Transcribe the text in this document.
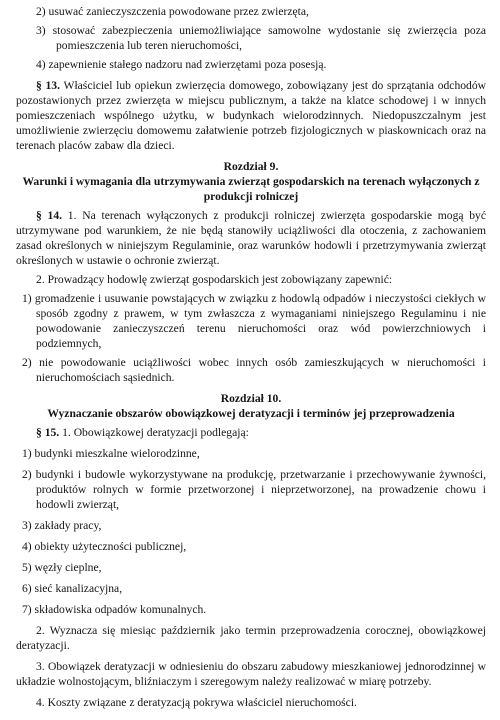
2) usuwać zanieczyszczenia powodowane przez zwierzęta,

3) stosować zabezpieczenia uniemożliwiające samowolne wydostanie się zwierzęcia poza pomieszczenia lub teren nieruchomości,

4) zapewnienie stałego nadzoru nad zwierzętami poza posesją.

§ 13. Właściciel lub opiekun zwierzęcia domowego, zobowiązany jest do sprzątania odchodów pozostawionych przez zwierzęta w miejscu publicznym, a także na klatce schodowej i w innych pomieszczeniach wspólnego użytku, w budynkach wielorodzinnych. Niedopuszczalnym jest umożliwienie zwierzęciu domowemu załatwienie potrzeb fizjologicznych w piaskownicach oraz na terenach placów zabaw dla dzieci.

Rozdział 9.

Warunki i wymagania dla utrzymywania zwierząt gospodarskich na terenach wyłączonych z produkcji rolniczej

§ 14. 1. Na terenach wyłączonych z produkcji rolniczej zwierzęta gospodarskie mogą być utrzymywane pod warunkiem, że nie będą stanowiły uciążliwości dla otoczenia, z zachowaniem zasad określonych w niniejszym Regulaminie, oraz warunków hodowli i przetrzymywania zwierząt określonych w ustawie o ochronie zwierząt.

2. Prowadzący hodowlę zwierząt gospodarskich jest zobowiązany zapewnić:

1) gromadzenie i usuwanie powstających w związku z hodowlą odpadów i nieczystości ciekłych w sposób zgodny z prawem, w tym zwłaszcza z wymaganiami niniejszego Regulaminu i nie powodowanie zanieczyszczeń terenu nieruchomości oraz wód powierzchniowych i podziemnych,

2) nie powodowanie uciążliwości wobec innych osób zamieszkujących w nieruchomości i nieruchomościach sąsiednich.

Rozdział 10.

Wyznaczanie obszarów obowiązkowej deratyzacji i terminów jej przeprowadzenia

§ 15. 1. Obowiązkowej deratyzacji podlegają:

1) budynki mieszkalne wielorodzinne,

2) budynki i budowle wykorzystywane na produkcję, przetwarzanie i przechowywanie żywności, produktów rolnych w formie przetworzonej i nieprzetworzonej, na prowadzenie chowu i hodowli zwierząt,

3) zakłady pracy,

4) obiekty użyteczności publicznej,

5) węzły cieplne,

6) sieć kanalizacyjna,

7) składowiska odpadów komunalnych.

2. Wyznacza się miesiąc październik jako termin przeprowadzenia corocznej, obowiązkowej deratyzacji.

3. Obowiązek deratyzacji w odniesieniu do obszaru zabudowy mieszkaniowej jednorodzinnej w układzie wolnostojącym, bliźniaczym i szeregowym należy realizować w miarę potrzeby.

4. Koszty związane z deratyzacją pokrywa właściciel nieruchomości.
